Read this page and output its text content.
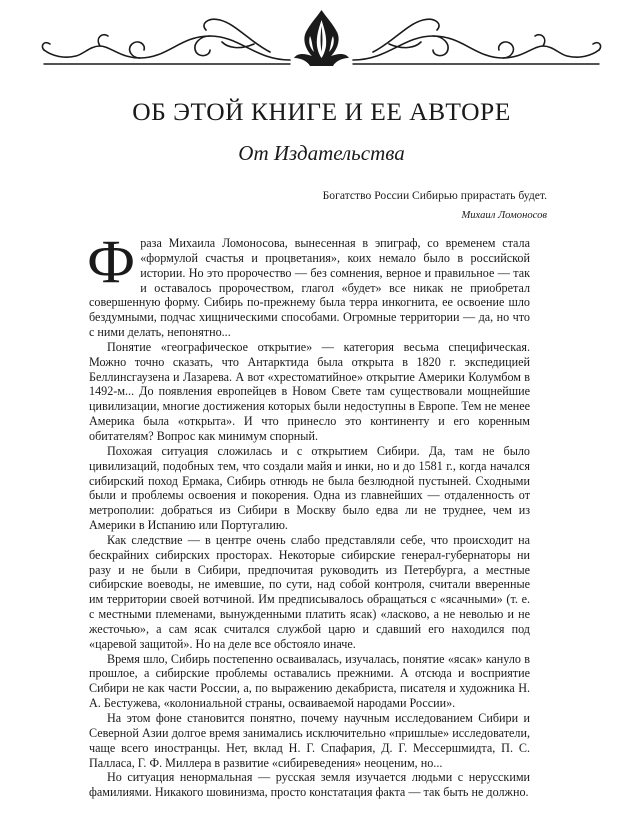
ОБ ЭТОЙ КНИГЕ И ЕЕ АВТОРЕ
От Издательства
Богатство России Сибирью прирастать будет.
Михаил Ломоносов

Фраза Михаила Ломоносова, вынесенная в эпиграф, со временем стала «формулой счастья и процветания», коих немало было в российской истории. Но это пророчество — без сомнения, верное и правильное — так и оставалось пророчеством, глагол «будет» все никак не приобретал совершенную форму. Сибирь по-прежнему была терра инкогнита, ее освоение шло бездумными, подчас хищническими способами. Огромные территории — да, но что с ними делать, непонятно...

Понятие «географическое открытие» — категория весьма специфическая. Можно точно сказать, что Антарктида была открыта в 1820 г. экспедицией Беллинсгаузена и Лазарева. А вот «хрестоматийное» открытие Америки Колумбом в 1492-м... До появления европейцев в Новом Свете там существовали мощнейшие цивилизации, многие достижения которых были недоступны в Европе. Тем не менее Америка была «открыта». И что принесло это континенту и его коренным обитателям? Вопрос как минимум спорный.

Похожая ситуация сложилась и с открытием Сибири. Да, там не было цивилизаций, подобных тем, что создали майя и инки, но и до 1581 г., когда начался сибирский поход Ермака, Сибирь отнюдь не была безлюдной пустыней. Сходными были и проблемы освоения и покорения. Одна из главнейших — отдаленность от метрополии: добраться из Сибири в Москву было едва ли не труднее, чем из Америки в Испанию или Португалию.

Как следствие — в центре очень слабо представляли себе, что происходит на бескрайних сибирских просторах. Некоторые сибирские генерал-губернаторы ни разу и не были в Сибири, предпочитая руководить из Петербурга, а местные сибирские воеводы, не имевшие, по сути, над собой контроля, считали вверенные им территории своей вотчиной. Им предписывалось обращаться с «ясачными» (т. е. с местными племенами, вынужденными платить ясак) «ласково, а не неволью и не жесточью», а сам ясак считался службой царю и сдавший его находился под «царевой защитой». Но на деле все обстояло иначе.

Время шло, Сибирь постепенно осваивалась, изучалась, понятие «ясак» кануло в прошлое, а сибирские проблемы оставались прежними. А отсюда и восприятие Сибири не как части России, а, по выражению декабриста, писателя и художника Н. А. Бестужева, «колониальной страны, осваиваемой народами России».

На этом фоне становится понятно, почему научным исследованием Сибири и Северной Азии долгое время занимались исключительно «пришлые» исследователи, чаще всего иностранцы. Нет, вклад Н. Г. Спафария, Д. Г. Мессершмидта, П. С. Палласа, Г. Ф. Миллера в развитие «сибиреведения» неоценим, но...

Но ситуация ненормальная — русская земля изучается людьми с нерусскими фамилиями. Никакого шовинизма, просто констатация факта — так быть не должно.
